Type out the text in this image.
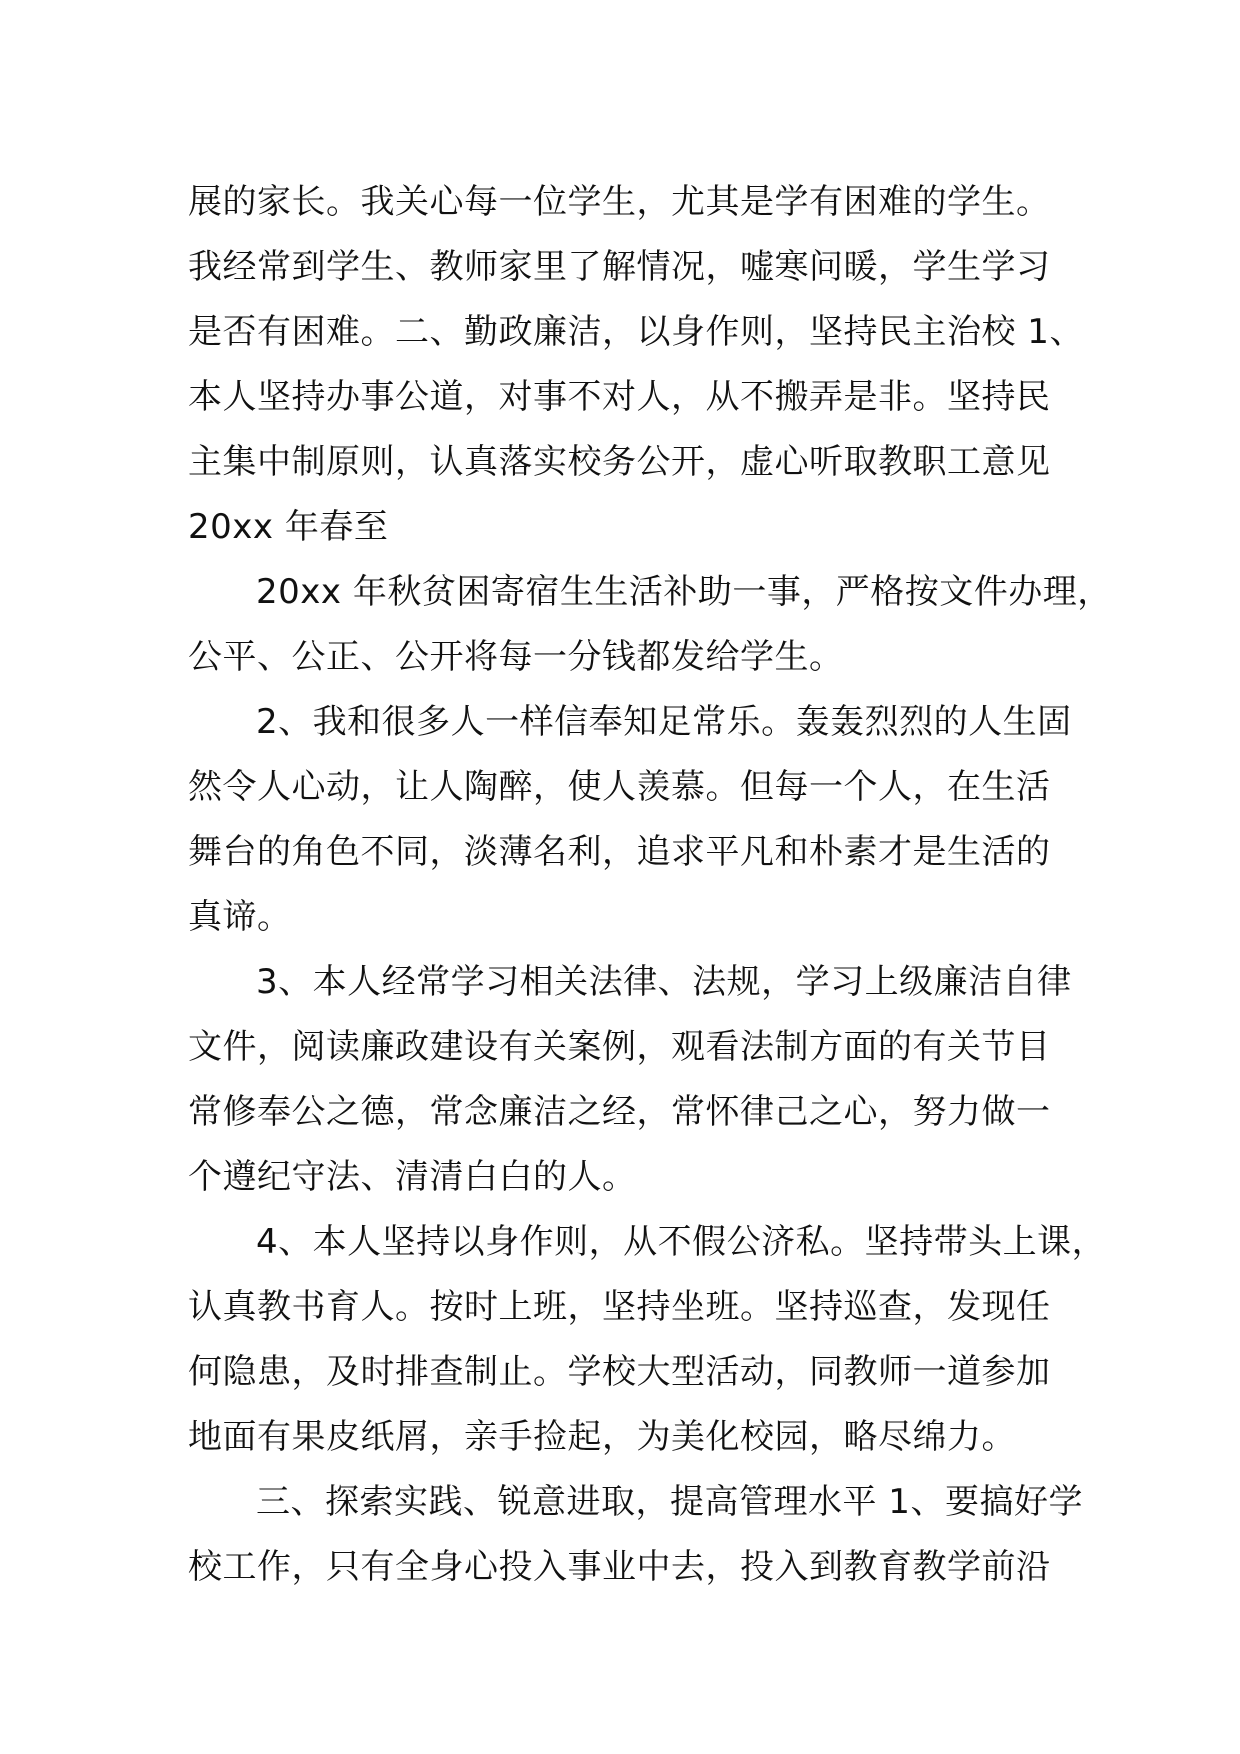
展的家长。我关心每一位学生，尤其是学有困难的学生。
我经常到学生、教师家里了解情况，嘘寒问暖，学生学习
是否有困难。二、勤政廉洁，以身作则，坚持民主治校 1、
本人坚持办事公道，对事不对人，从不搬弄是非。坚持民
主集中制原则，认真落实校务公开，虚心听取教职工意见
20xx 年春至
20xx 年秋贫困寄宿生生活补助一事，严格按文件办理，
公平、公正、公开将每一分钱都发给学生。
2、我和很多人一样信奉知足常乐。轰轰烈烈的人生固
然令人心动，让人陶醉，使人羡慕。但每一个人，在生活
舞台的角色不同，淡薄名利，追求平凡和朴素才是生活的
真谛。
3、本人经常学习相关法律、法规，学习上级廉洁自律
文件，阅读廉政建设有关案例，观看法制方面的有关节目
常修奉公之德，常念廉洁之经，常怀律己之心，努力做一
个遵纪守法、清清白白的人。
4、本人坚持以身作则，从不假公济私。坚持带头上课，
认真教书育人。按时上班，坚持坐班。坚持巡查，发现任
何隐患，及时排查制止。学校大型活动，同教师一道参加
地面有果皮纸屑，亲手捡起，为美化校园，略尽绵力。
三、探索实践、锐意进取，提高管理水平 1、要搞好学
校工作，只有全身心投入事业中去，投入到教育教学前沿
